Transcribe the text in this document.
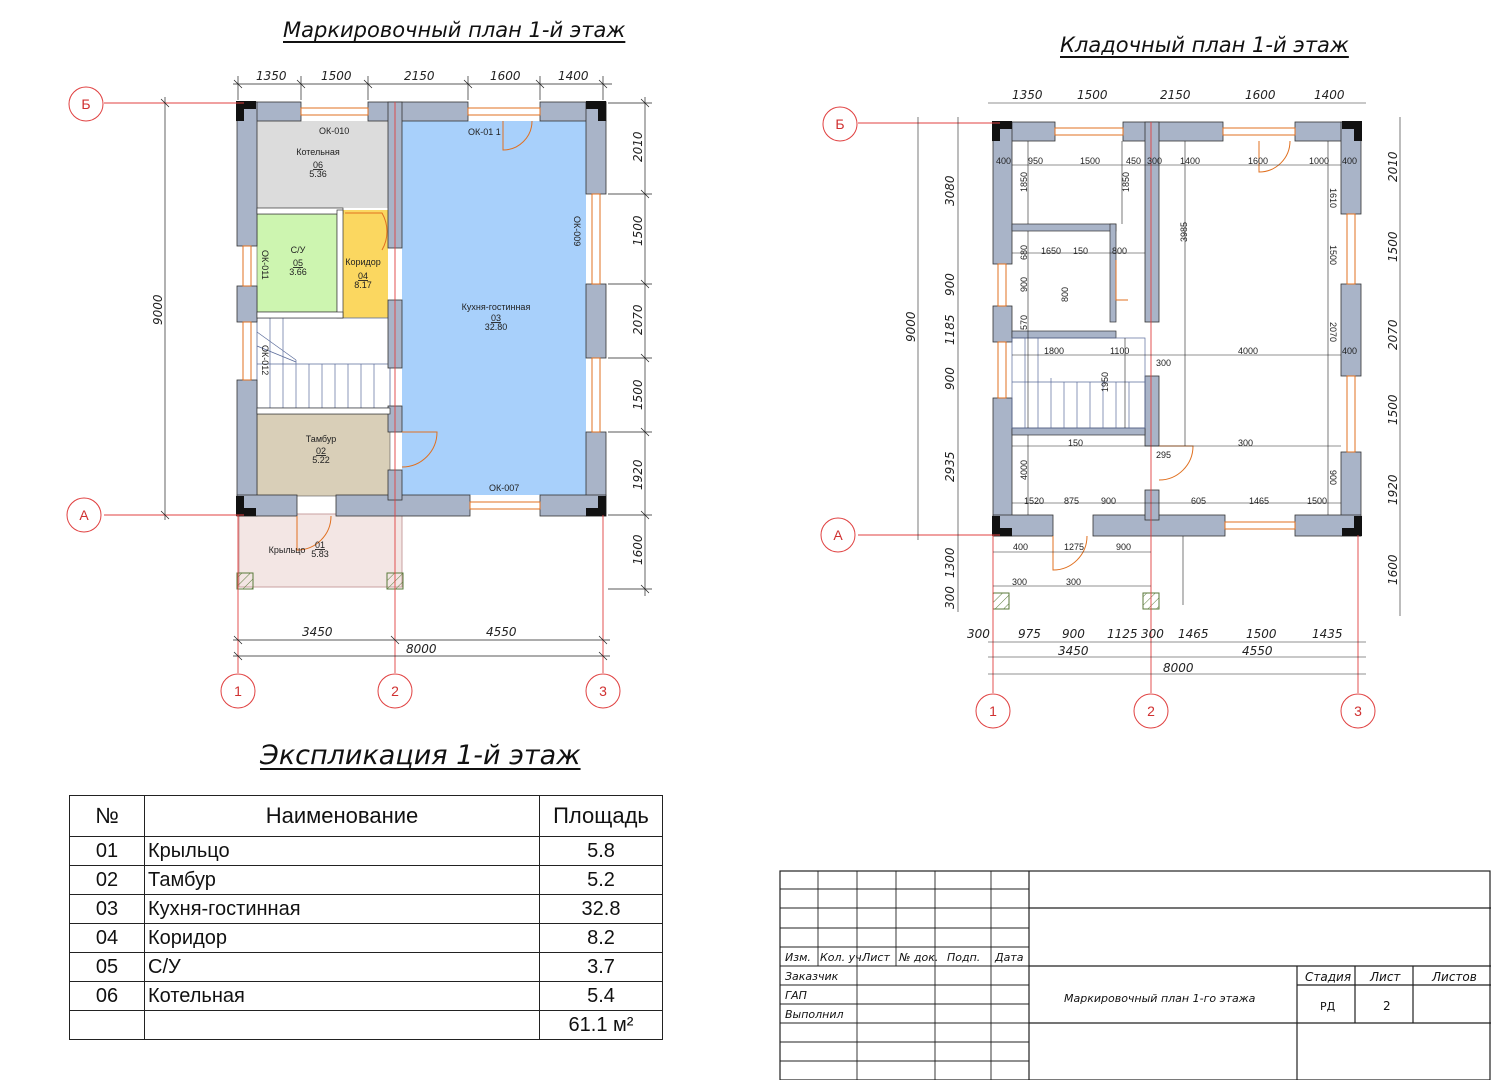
Маркировочный план 1-й этаж
Кладочный план 1-й этаж
Экспликация 1-й этаж
1350	1500	2150	1600	1400
2010
1500
2070
1500
1920
1600
9000
3450	4550
8000
Б
А
1	2	3
ОК-010	ОК-01 1
ОК-009
ОК-011
ОК-012
ОК-007
Котельная
06
5.36
С/У
05
3.66
Коридор
04
8.17
Кухня-гостинная
03
32.80
Тамбур
02
5.22
Крыльцо 01
5.83
1350	1500	2150	1600	1400
2010
1500
2070
1500
1920
1600
3080
900
1185
900
2935
1300
300
9000
300 975 900 1125 300 1465	1500	1435
3450	4550
8000
400 950	1500	450 300 1400	1600	1000 400
1850	1850
3985
1610
680 1650 150	800
900
800
570
1500
2070
1800	1100
300
4000	400
1950
150
295
300
4000	900
1520 875 900	605	1465	1500
400	1275	900
300	300
Б
А
1	2	3
№	Наименование	Площадь
01	Крыльцо	5.8
02	Тамбур	5.2
03	Кухня-гостинная	32.8
04	Коридор	8.2
05	С/У	3.7
06	Котельная	5.4
		61.1 м²
Изм. Кол. уч.
Лист № док. Подп. Дата
Заказчик
ГАП
Выполнил
Маркировочный план 1-го этажа
Стадия Лист	Листов
РД	2
